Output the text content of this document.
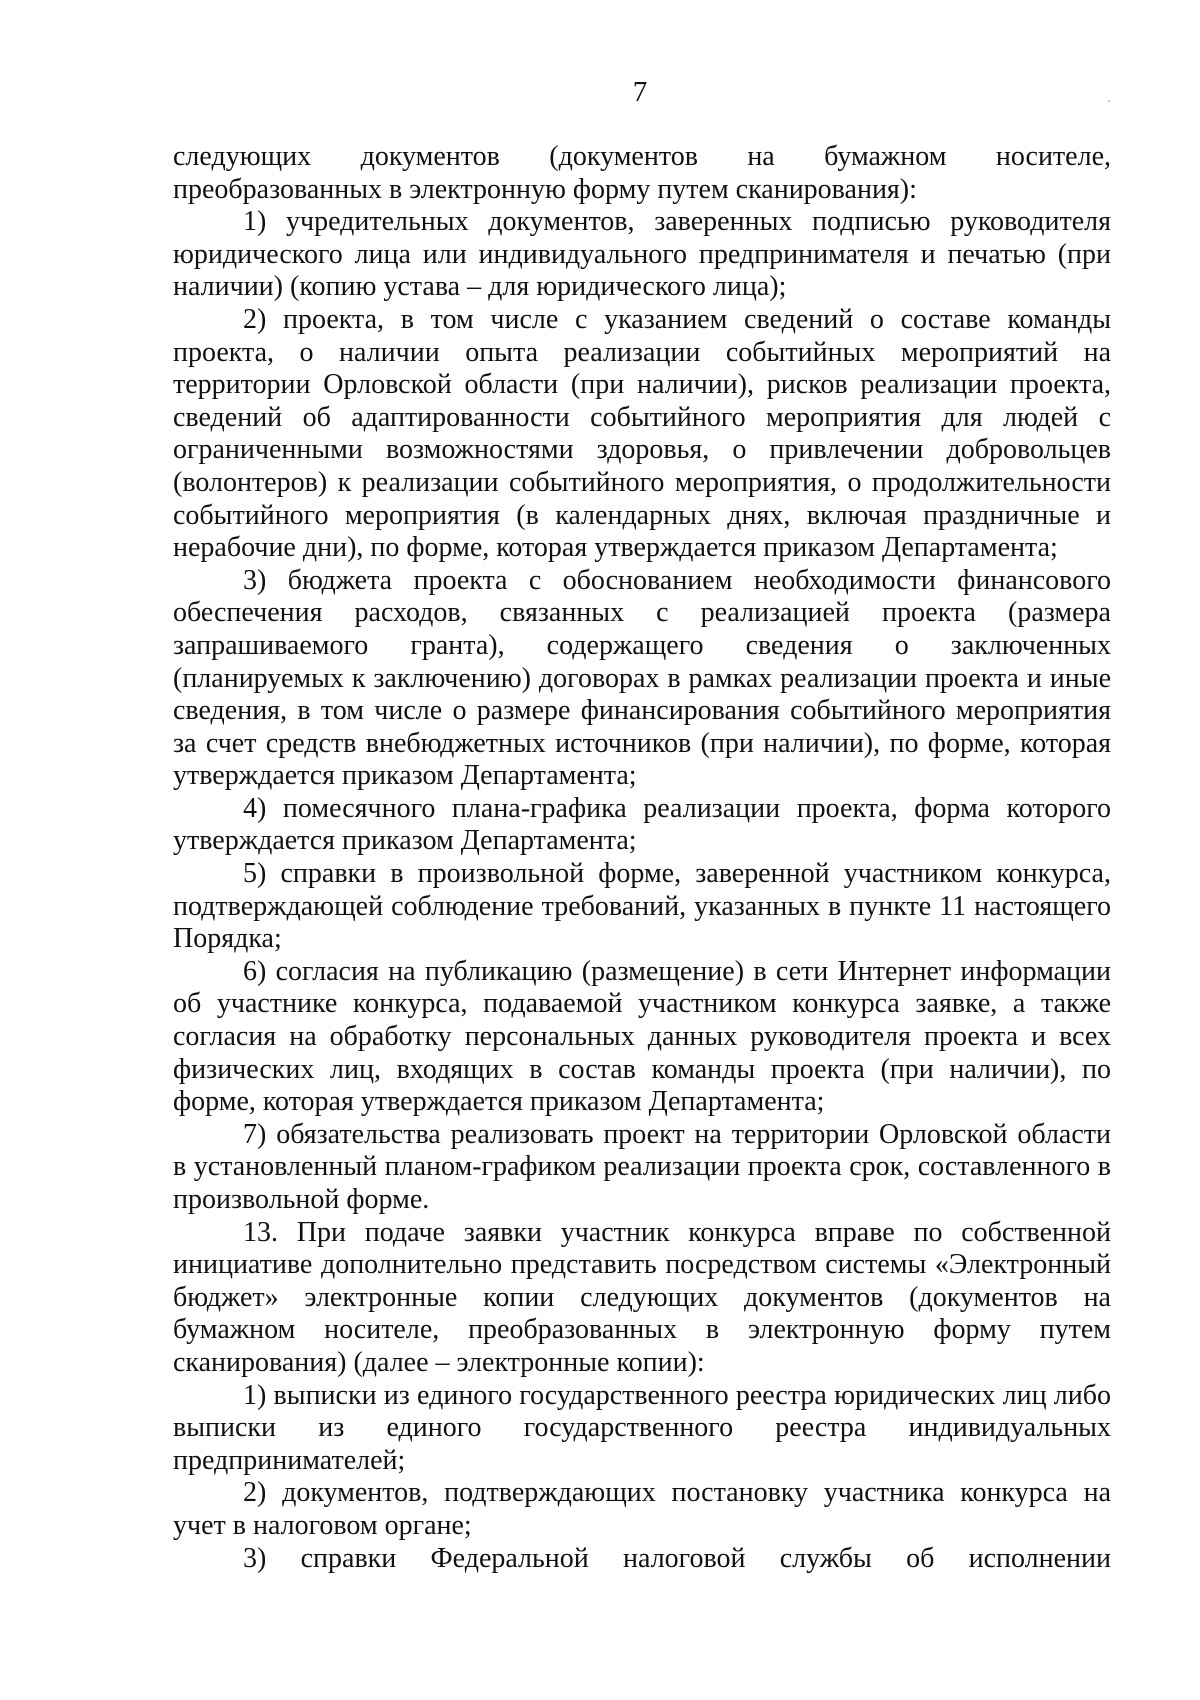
7

следующих документов (документов на бумажном носителе, преобразованных в электронную форму путем сканирования):

1) учредительных документов, заверенных подписью руководителя юридического лица или индивидуального предпринимателя и печатью (при наличии) (копию устава – для юридического лица);

2) проекта, в том числе с указанием сведений о составе команды проекта, о наличии опыта реализации событийных мероприятий на территории Орловской области (при наличии), рисков реализации проекта, сведений об адаптированности событийного мероприятия для людей с ограниченными возможностями здоровья, о привлечении добровольцев (волонтеров) к реализации событийного мероприятия, о продолжительности событийного мероприятия (в календарных днях, включая праздничные и нерабочие дни), по форме, которая утверждается приказом Департамента;

3) бюджета проекта с обоснованием необходимости финансового обеспечения расходов, связанных с реализацией проекта (размера запрашиваемого гранта), содержащего сведения о заключенных (планируемых к заключению) договорах в рамках реализации проекта и иные сведения, в том числе о размере финансирования событийного мероприятия за счет средств внебюджетных источников (при наличии), по форме, которая утверждается приказом Департамента;

4) помесячного плана-графика реализации проекта, форма которого утверждается приказом Департамента;

5) справки в произвольной форме, заверенной участником конкурса, подтверждающей соблюдение требований, указанных в пункте 11 настоящего Порядка;

6) согласия на публикацию (размещение) в сети Интернет информации об участнике конкурса, подаваемой участником конкурса заявке, а также согласия на обработку персональных данных руководителя проекта и всех физических лиц, входящих в состав команды проекта (при наличии), по форме, которая утверждается приказом Департамента;

7) обязательства реализовать проект на территории Орловской области в установленный планом-графиком реализации проекта срок, составленного в произвольной форме.

13. При подаче заявки участник конкурса вправе по собственной инициативе дополнительно представить посредством системы «Электронный бюджет» электронные копии следующих документов (документов на бумажном носителе, преобразованных в электронную форму путем сканирования) (далее – электронные копии):

1) выписки из единого государственного реестра юридических лиц либо выписки из единого государственного реестра индивидуальных предпринимателей;

2) документов, подтверждающих постановку участника конкурса на учет в налоговом органе;

3) справки Федеральной налоговой службы об исполнении
